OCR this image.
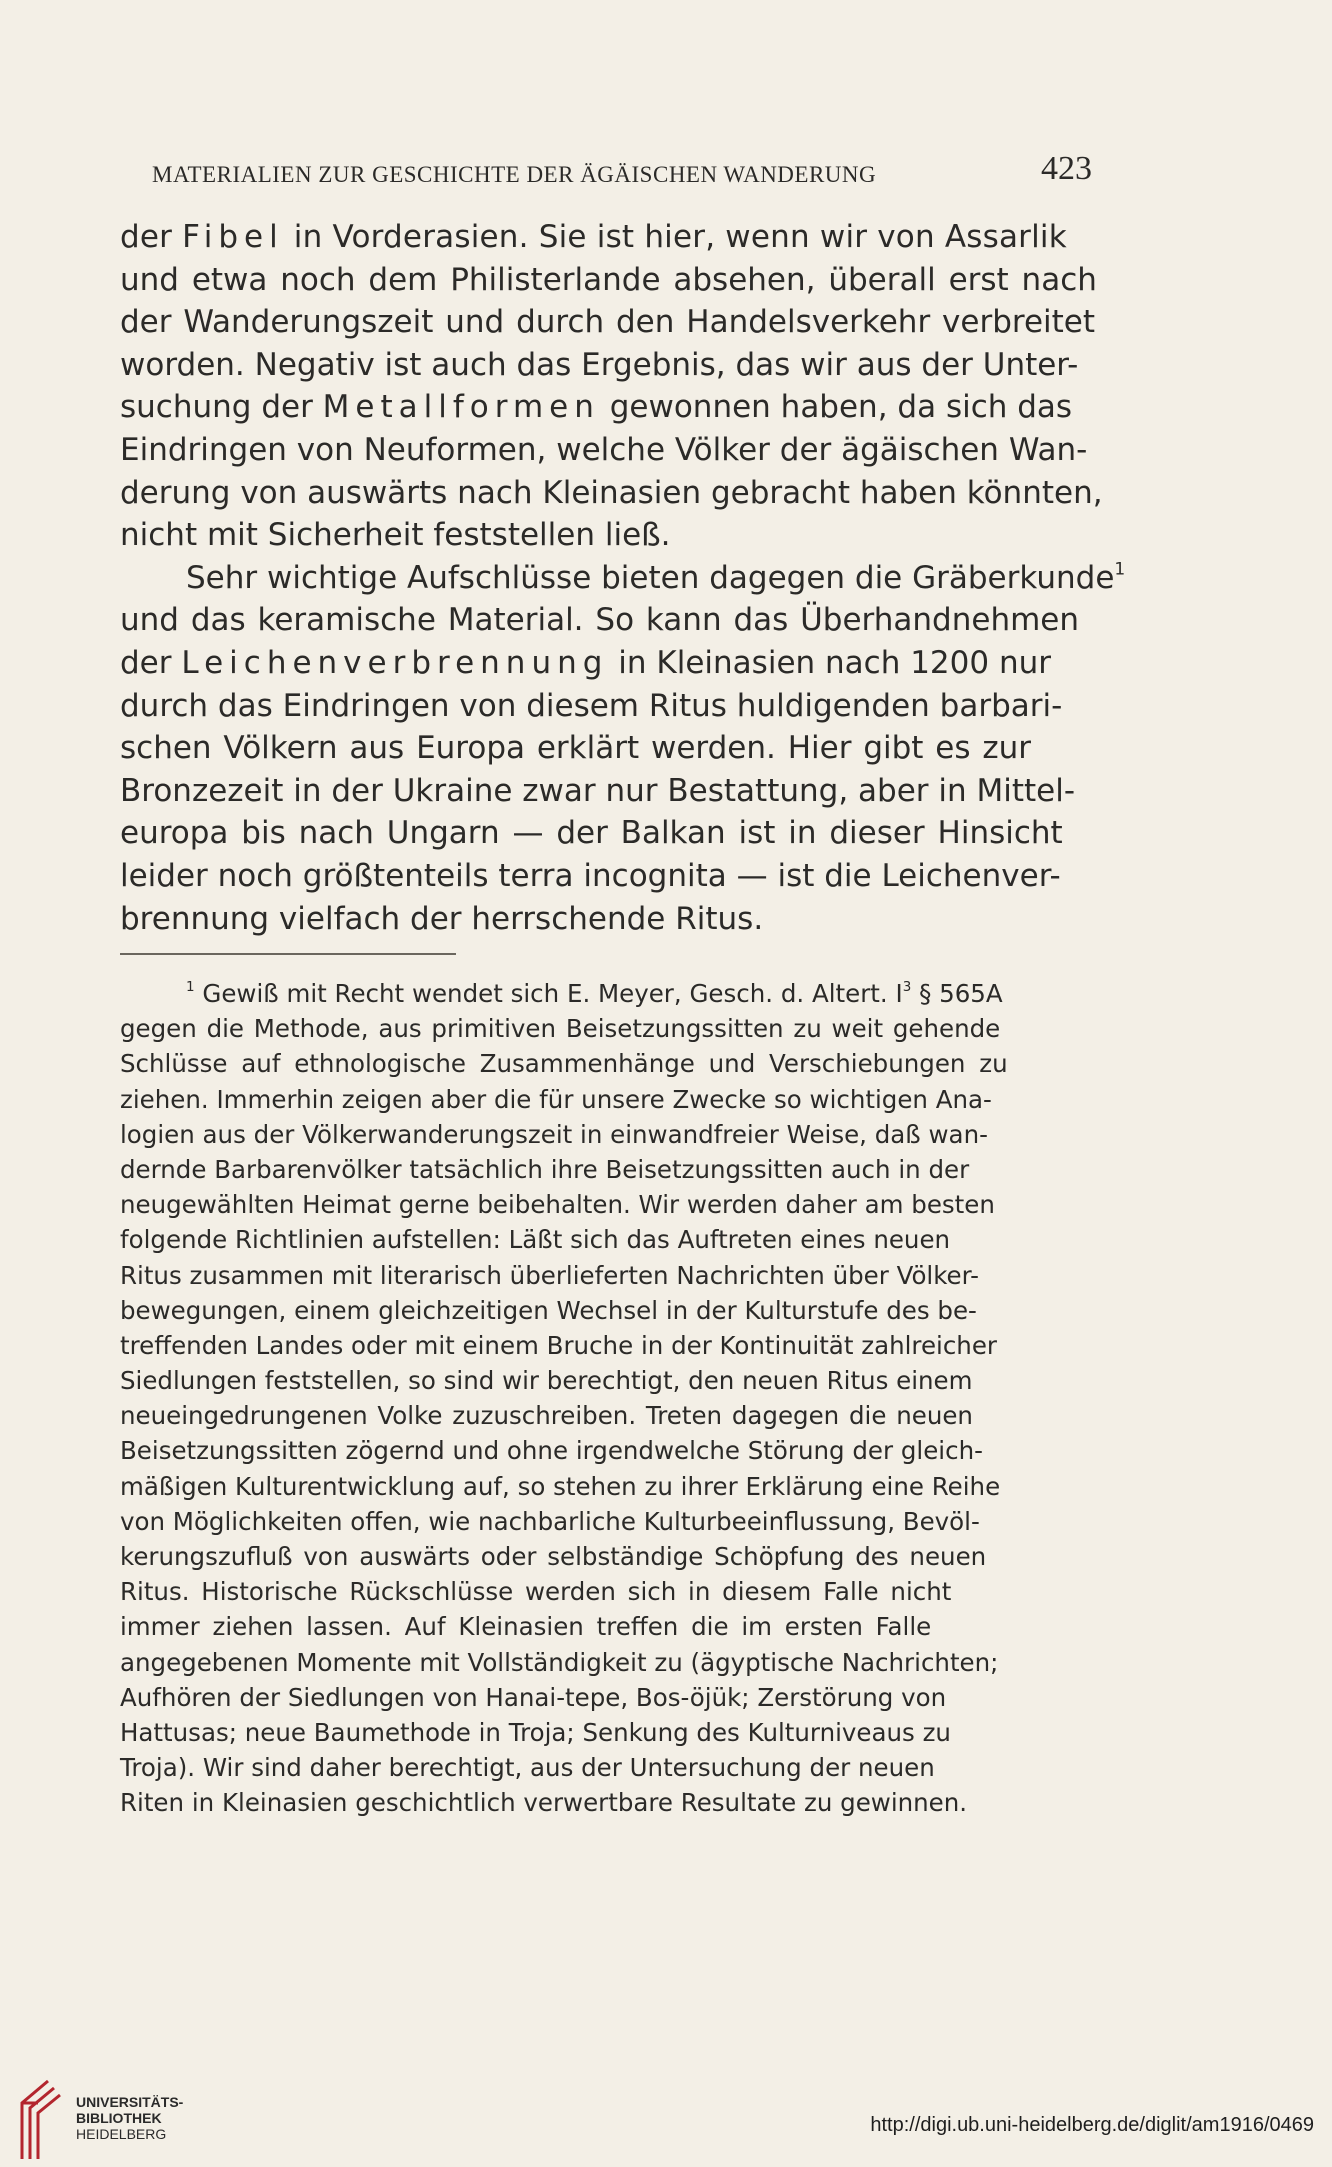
MATERIALIEN ZUR GESCHICHTE DER ÄGÄISCHEN WANDERUNG	423
der Fibel in Vorderasien. Sie ist hier, wenn wir von Assarlik
und etwa noch dem Philisterlande absehen, überall erst nach
der Wanderungszeit und durch den Handelsverkehr verbreitet
worden. Negativ ist auch das Ergebnis, das wir aus der Unter-
suchung der Metallformen gewonnen haben, da sich das
Eindringen von Neuformen, welche Völker der ägäischen Wan-
derung von auswärts nach Kleinasien gebracht haben könnten,
nicht mit Sicherheit feststellen ließ.
Sehr wichtige Aufschlüsse bieten dagegen die Gräberkunde$^1$
und das keramische Material. So kann das Überhandnehmen
der Leichenverbrennung in Kleinasien nach 1200 nur
durch das Eindringen von diesem Ritus huldigenden barbari-
schen Völkern aus Europa erklärt werden. Hier gibt es zur
Bronzezeit in der Ukraine zwar nur Bestattung, aber in Mittel-
europa bis nach Ungarn — der Balkan ist in dieser Hinsicht
leider noch größtenteils terra incognita — ist die Leichenver-
brennung vielfach der herrschende Ritus.
$^1$ Gewiß mit Recht wendet sich E. Meyer, Gesch. d. Altert. $I^3$ § 565A
gegen die Methode, aus primitiven Beisetzungssitten zu weit gehende
Schlüsse auf ethnologische Zusammenhänge und Verschiebungen zu
ziehen. Immerhin zeigen aber die für unsere Zwecke so wichtigen Ana-
logien aus der Völkerwanderungszeit in einwandfreier Weise, daß wan-
dernde Barbarenvölker tatsächlich ihre Beisetzungssitten auch in der
neugewählten Heimat gerne beibehalten. Wir werden daher am besten
folgende Richtlinien aufstellen: Läßt sich das Auftreten eines neuen
Ritus zusammen mit literarisch überlieferten Nachrichten über Völker-
bewegungen, einem gleichzeitigen Wechsel in der Kulturstufe des be-
treffenden Landes oder mit einem Bruche in der Kontinuität zahlreicher
Siedlungen feststellen, so sind wir berechtigt, den neuen Ritus einem
neueingedrungenen Volke zuzuschreiben. Treten dagegen die neuen
Beisetzungssitten zögernd und ohne irgendwelche Störung der gleich-
mäßigen Kulturentwicklung auf, so stehen zu ihrer Erklärung eine Reihe
von Möglichkeiten offen, wie nachbarliche Kulturbeeinflussung, Bevöl-
kerungszufluß von auswärts oder selbständige Schöpfung des neuen
Ritus. Historische Rückschlüsse werden sich in diesem Falle nicht
immer ziehen lassen. Auf Kleinasien treffen die im ersten Falle
angegebenen Momente mit Vollständigkeit zu (ägyptische Nachrichten;
Aufhören der Siedlungen von Hanai-tepe, Bos-öjük; Zerstörung von
Hattusas; neue Baumethode in Troja; Senkung des Kulturniveaus zu
Troja). Wir sind daher berechtigt, aus der Untersuchung der neuen
Riten in Kleinasien geschichtlich verwertbare Resultate zu gewinnen.
UNIVERSITÄTS-
BIBLIOTHEK
HEIDELBERG	http://digi.ub.uni-heidelberg.de/diglit/am1916/0469
